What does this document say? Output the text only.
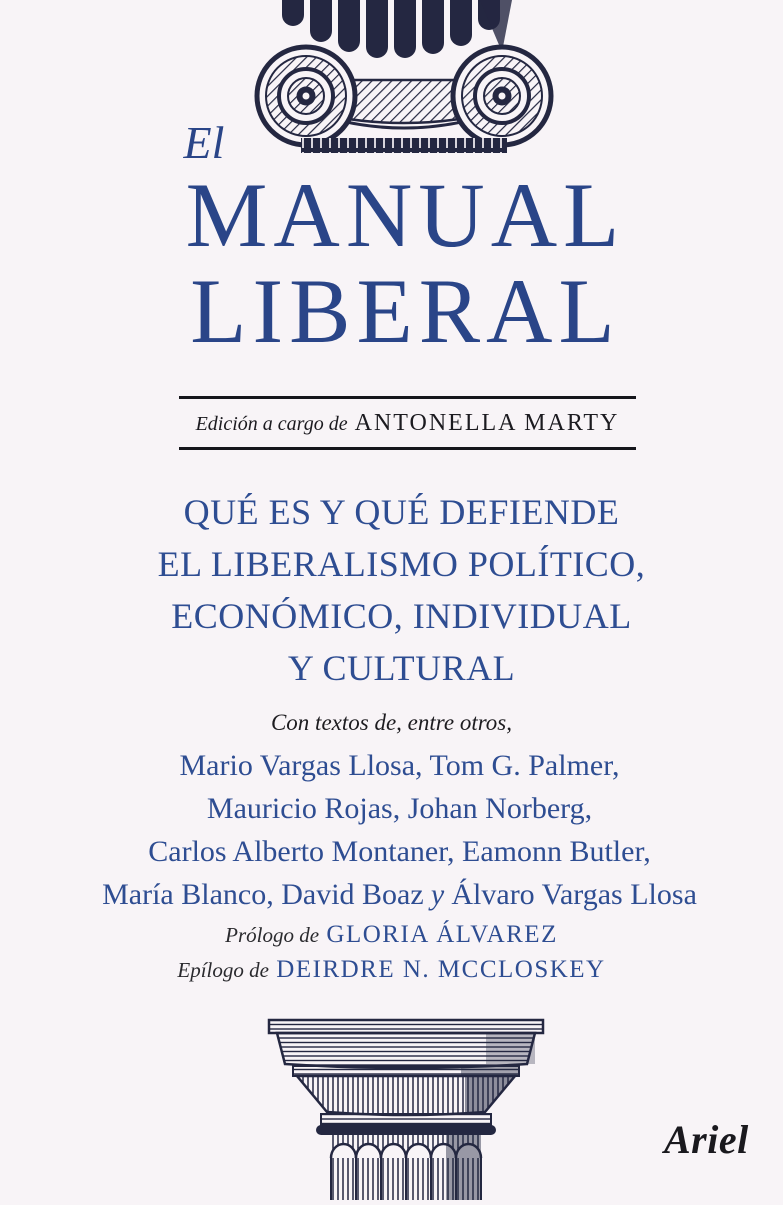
El
MANUAL
LIBERAL
Edición a cargo de ANTONELLA MARTY
QUÉ ES Y QUÉ DEFIENDE
EL LIBERALISMO POLÍTICO,
ECONÓMICO, INDIVIDUAL
Y CULTURAL
Con textos de, entre otros,
Mario Vargas Llosa, Tom G. Palmer,
Mauricio Rojas, Johan Norberg,
Carlos Alberto Montaner, Eamonn Butler,
María Blanco, David Boaz y Álvaro Vargas Llosa
Prólogo de GLORIA ÁLVAREZ
Epílogo de DEIRDRE N. MCCLOSKEY
Ariel
